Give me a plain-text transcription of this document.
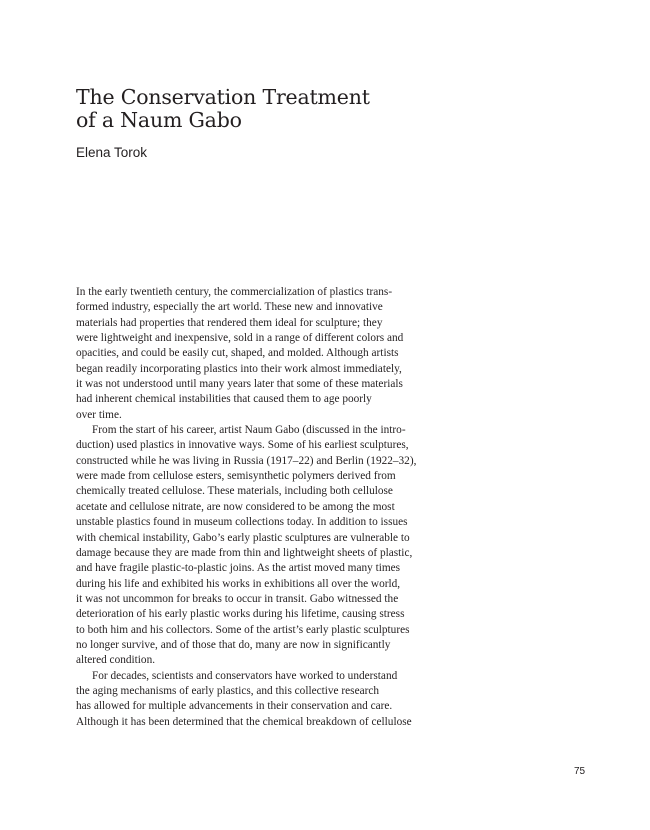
The Conservation Treatment
of a Naum Gabo

Elena Torok

In the early twentieth century, the commercialization of plastics trans-
formed industry, especially the art world. These new and innovative
materials had properties that rendered them ideal for sculpture; they
were lightweight and inexpensive, sold in a range of different colors and
opacities, and could be easily cut, shaped, and molded. Although artists
began readily incorporating plastics into their work almost immediately,
it was not understood until many years later that some of these materials
had inherent chemical instabilities that caused them to age poorly
over time.
From the start of his career, artist Naum Gabo (discussed in the intro-
duction) used plastics in innovative ways. Some of his earliest sculptures,
constructed while he was living in Russia (1917–22) and Berlin (1922–32),
were made from cellulose esters, semisynthetic polymers derived from
chemically treated cellulose. These materials, including both cellulose
acetate and cellulose nitrate, are now considered to be among the most
unstable plastics found in museum collections today. In addition to issues
with chemical instability, Gabo’s early plastic sculptures are vulnerable to
damage because they are made from thin and lightweight sheets of plastic,
and have fragile plastic-to-plastic joins. As the artist moved many times
during his life and exhibited his works in exhibitions all over the world,
it was not uncommon for breaks to occur in transit. Gabo witnessed the
deterioration of his early plastic works during his lifetime, causing stress
to both him and his collectors. Some of the artist’s early plastic sculptures
no longer survive, and of those that do, many are now in significantly
altered condition.
For decades, scientists and conservators have worked to understand
the aging mechanisms of early plastics, and this collective research
has allowed for multiple advancements in their conservation and care.
Although it has been determined that the chemical breakdown of cellulose
75
